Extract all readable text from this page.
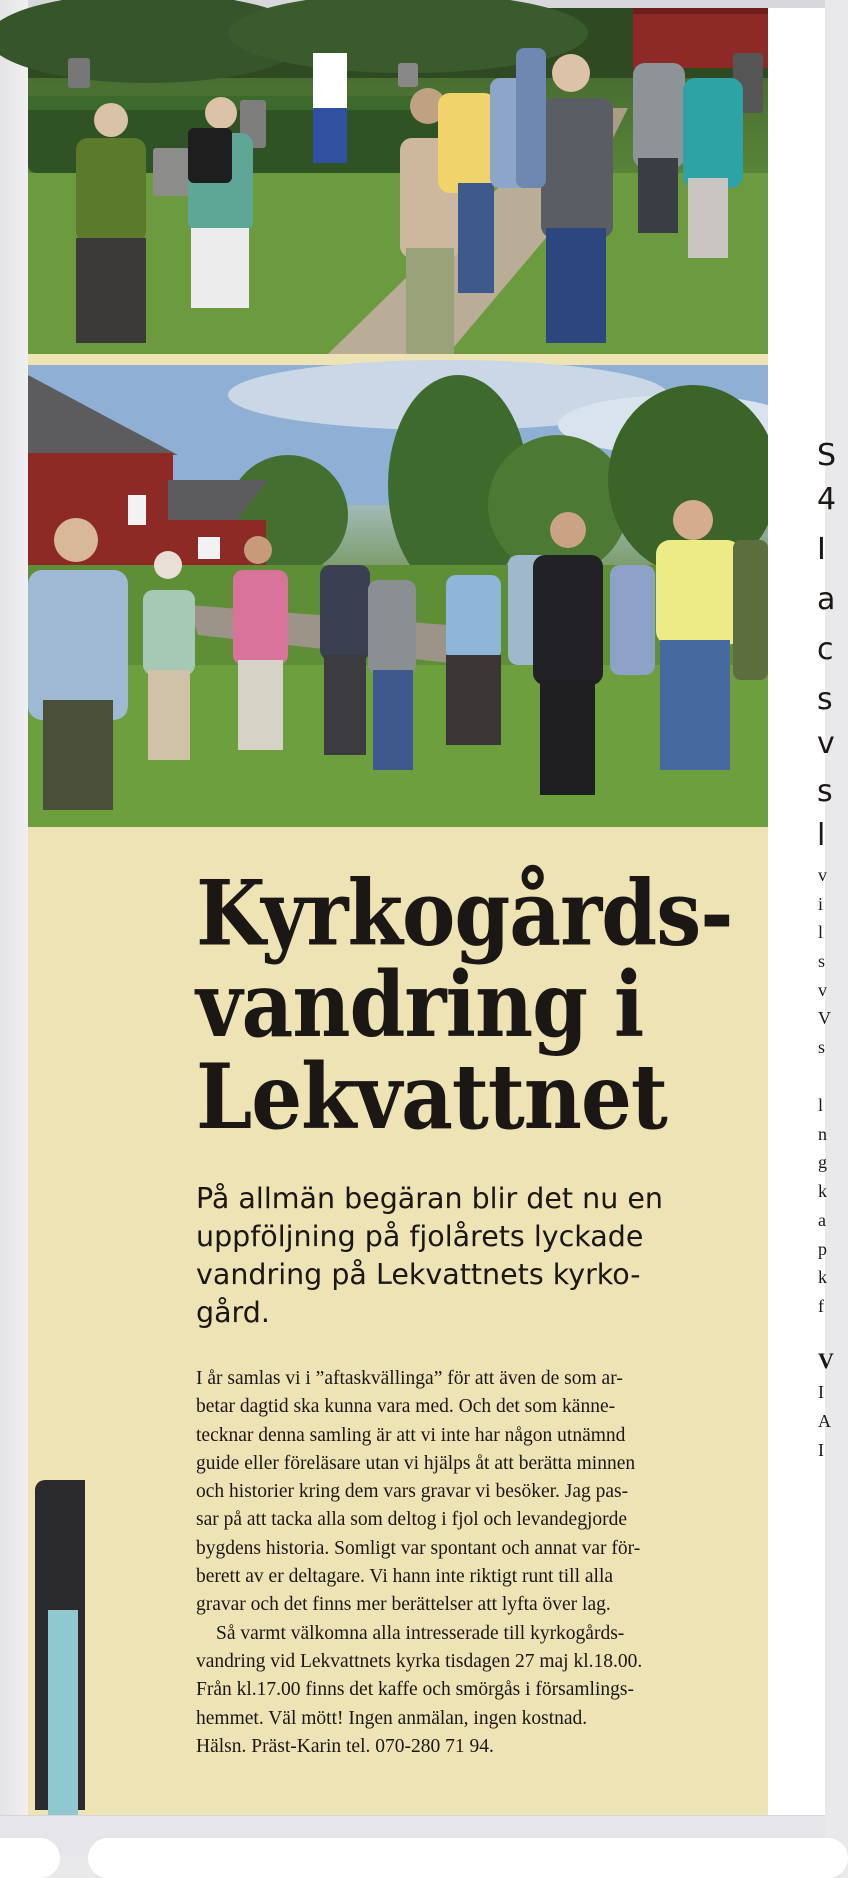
Kyrkogårds-
vandring i
Lekvattnet
På allmän begäran blir det nu en
uppföljning på fjolårets lyckade
vandring på Lekvattnets kyrko-
gård.
I år samlas vi i ”aftaskvällinga” för att även de som ar-
betar dagtid ska kunna vara med. Och det som känne-
tecknar denna samling är att vi inte har någon utnämnd
guide eller föreläsare utan vi hjälps åt att berätta minnen
och historier kring dem vars gravar vi besöker. Jag pas-
sar på att tacka alla som deltog i fjol och levandegjorde
bygdens historia. Somligt var spontant och annat var för-
berett av er deltagare. Vi hann inte riktigt runt till alla
gravar och det finns mer berättelser att lyfta över lag.
Så varmt välkomna alla intresserade till kyrkogårds-
vandring vid Lekvattnets kyrka tisdagen 27 maj kl.18.00.
Från kl.17.00 finns det kaffe och smörgås i församlings-
hemmet. Väl mött! Ingen anmälan, ingen kostnad.
Hälsn. Präst-Karin tel. 070-280 71 94.
S
4
I
a
c
s
v
s
l
v
i
l
s
v
V
s
l
n
g
k
a
p
k
f
V
I
A
I
